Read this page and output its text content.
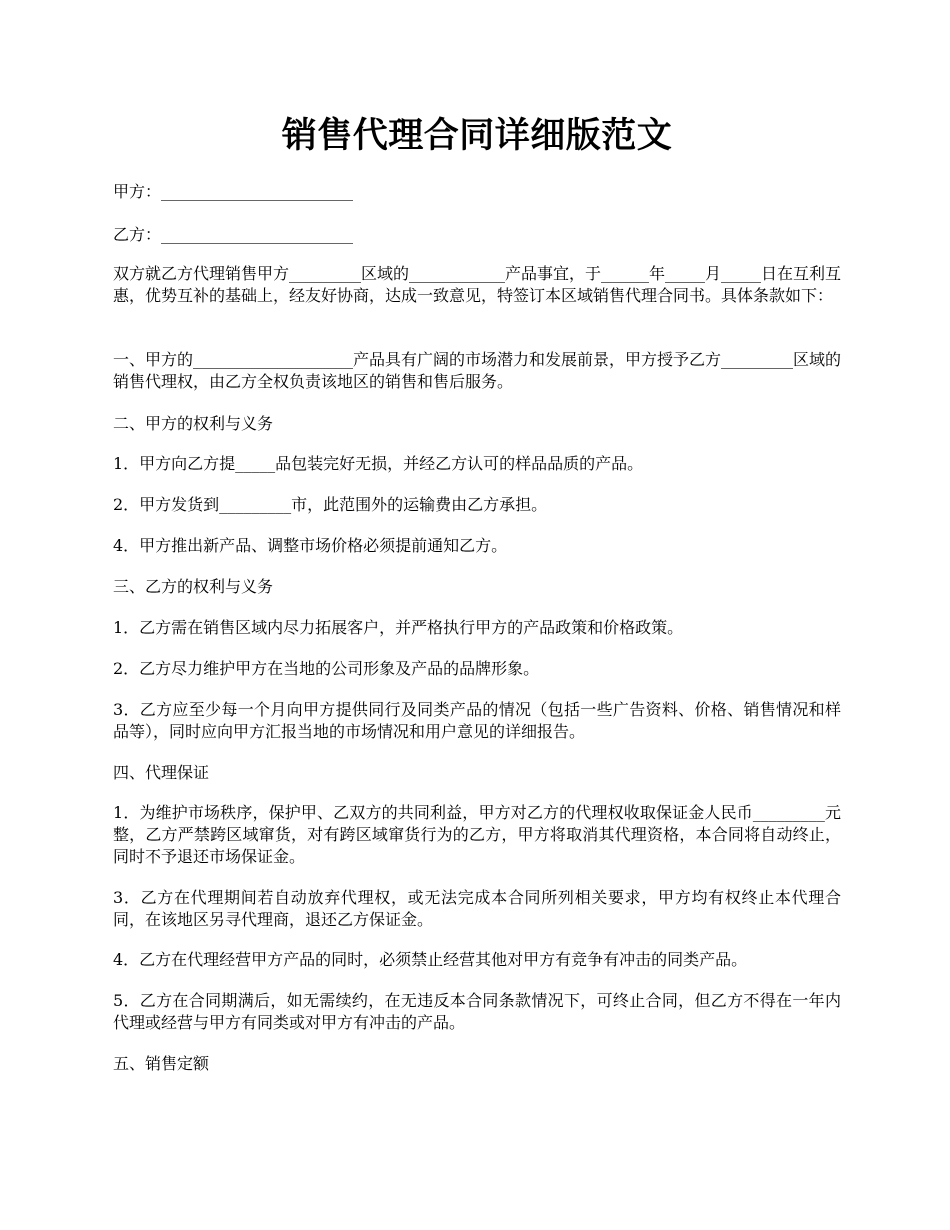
销售代理合同详细版范文

甲方：________________________

乙方：________________________

双方就乙方代理销售甲方_________区域的____________产品事宜，于______年_____月_____日在互利互惠，优势互补的基础上，经友好协商，达成一致意见，特签订本区域销售代理合同书。具体条款如下：

一、甲方的____________________产品具有广阔的市场潜力和发展前景，甲方授予乙方_________区域的销售代理权，由乙方全权负责该地区的销售和售后服务。

二、甲方的权利与义务

1．甲方向乙方提_____品包装完好无损，并经乙方认可的样品品质的产品。

2．甲方发货到_________市，此范围外的运输费由乙方承担。

4．甲方推出新产品、调整市场价格必须提前通知乙方。

三、乙方的权利与义务

1．乙方需在销售区域内尽力拓展客户，并严格执行甲方的产品政策和价格政策。

2．乙方尽力维护甲方在当地的公司形象及产品的品牌形象。

3．乙方应至少每一个月向甲方提供同行及同类产品的情况（包括一些广告资料、价格、销售情况和样品等），同时应向甲方汇报当地的市场情况和用户意见的详细报告。

四、代理保证

1．为维护市场秩序，保护甲、乙双方的共同利益，甲方对乙方的代理权收取保证金人民币_________元整，乙方严禁跨区域窜货，对有跨区域窜货行为的乙方，甲方将取消其代理资格，本合同将自动终止，同时不予退还市场保证金。

3．乙方在代理期间若自动放弃代理权，或无法完成本合同所列相关要求，甲方均有权终止本代理合同，在该地区另寻代理商，退还乙方保证金。

4．乙方在代理经营甲方产品的同时，必须禁止经营其他对甲方有竞争有冲击的同类产品。

5．乙方在合同期满后，如无需续约，在无违反本合同条款情况下，可终止合同，但乙方不得在一年内代理或经营与甲方有同类或对甲方有冲击的产品。

五、销售定额
